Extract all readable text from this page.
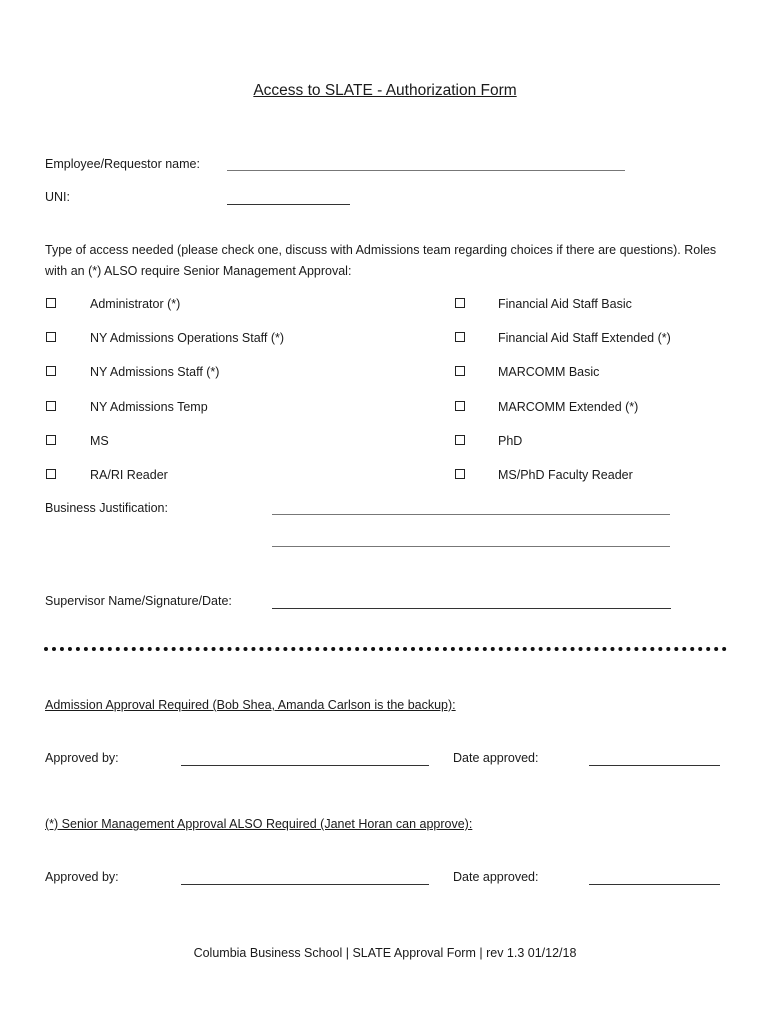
Access to SLATE - Authorization Form
Employee/Requestor name:
UNI:
Type of access needed (please check one, discuss with Admissions team regarding choices if there are questions). Roles
with an (*) ALSO require Senior Management Approval:
Administrator (*)
NY Admissions Operations Staff (*)
NY Admissions Staff (*)
NY Admissions Temp
MS
RA/RI Reader
Financial Aid Staff Basic
Financial Aid Staff Extended (*)
MARCOMM Basic
MARCOMM Extended (*)
PhD
MS/PhD Faculty Reader
Business Justification:
Supervisor Name/Signature/Date:
Admission Approval Required (Bob Shea, Amanda Carlson is the backup):
Approved by:	Date approved:
(*) Senior Management Approval ALSO Required (Janet Horan can approve):
Approved by:	Date approved:
Columbia Business School | SLATE Approval Form | rev 1.3 01/12/18
